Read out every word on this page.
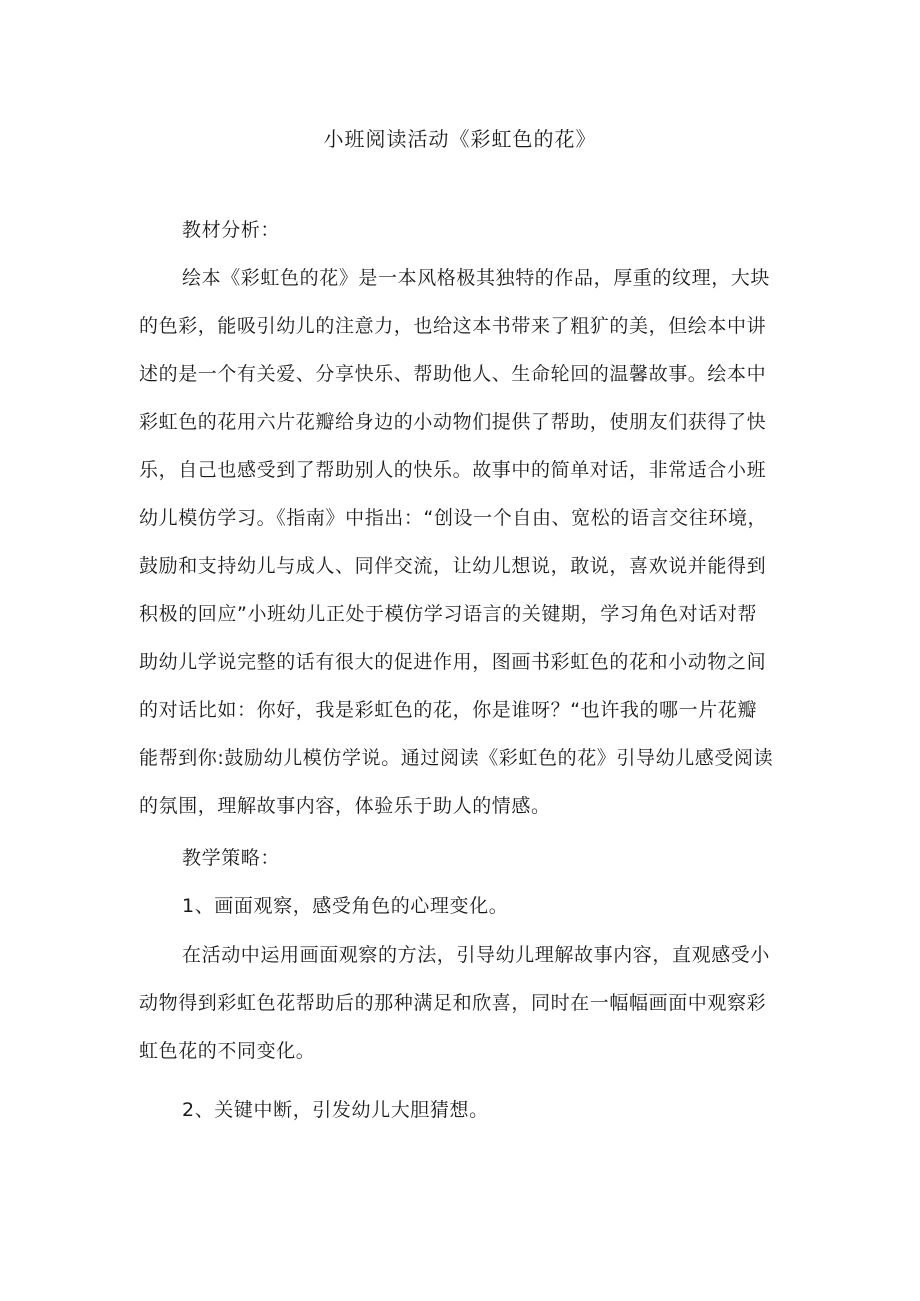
小班阅读活动《彩虹色的花》
教材分析：
绘本《彩虹色的花》是一本风格极其独特的作品，厚重的纹理，大块
的色彩，能吸引幼儿的注意力，也给这本书带来了粗犷的美，但绘本中讲
述的是一个有关爱、分享快乐、帮助他人、生命轮回的温馨故事。绘本中
彩虹色的花用六片花瓣给身边的小动物们提供了帮助，使朋友们获得了快
乐，自己也感受到了帮助别人的快乐。故事中的简单对话，非常适合小班
幼儿模仿学习。《指南》中指出：“创设一个自由、宽松的语言交往环境，
鼓励和支持幼儿与成人、同伴交流，让幼儿想说，敢说，喜欢说并能得到
积极的回应”小班幼儿正处于模仿学习语言的关键期，学习角色对话对帮
助幼儿学说完整的话有很大的促进作用，图画书彩虹色的花和小动物之间
的对话比如：你好，我是彩虹色的花，你是谁呀？“也许我的哪一片花瓣
能帮到你:鼓励幼儿模仿学说。通过阅读《彩虹色的花》引导幼儿感受阅读
的氛围，理解故事内容，体验乐于助人的情感。
教学策略：
1、画面观察，感受角色的心理变化。
在活动中运用画面观察的方法，引导幼儿理解故事内容，直观感受小
动物得到彩虹色花帮助后的那种满足和欣喜，同时在一幅幅画面中观察彩
虹色花的不同变化。
2、关键中断，引发幼儿大胆猜想。
